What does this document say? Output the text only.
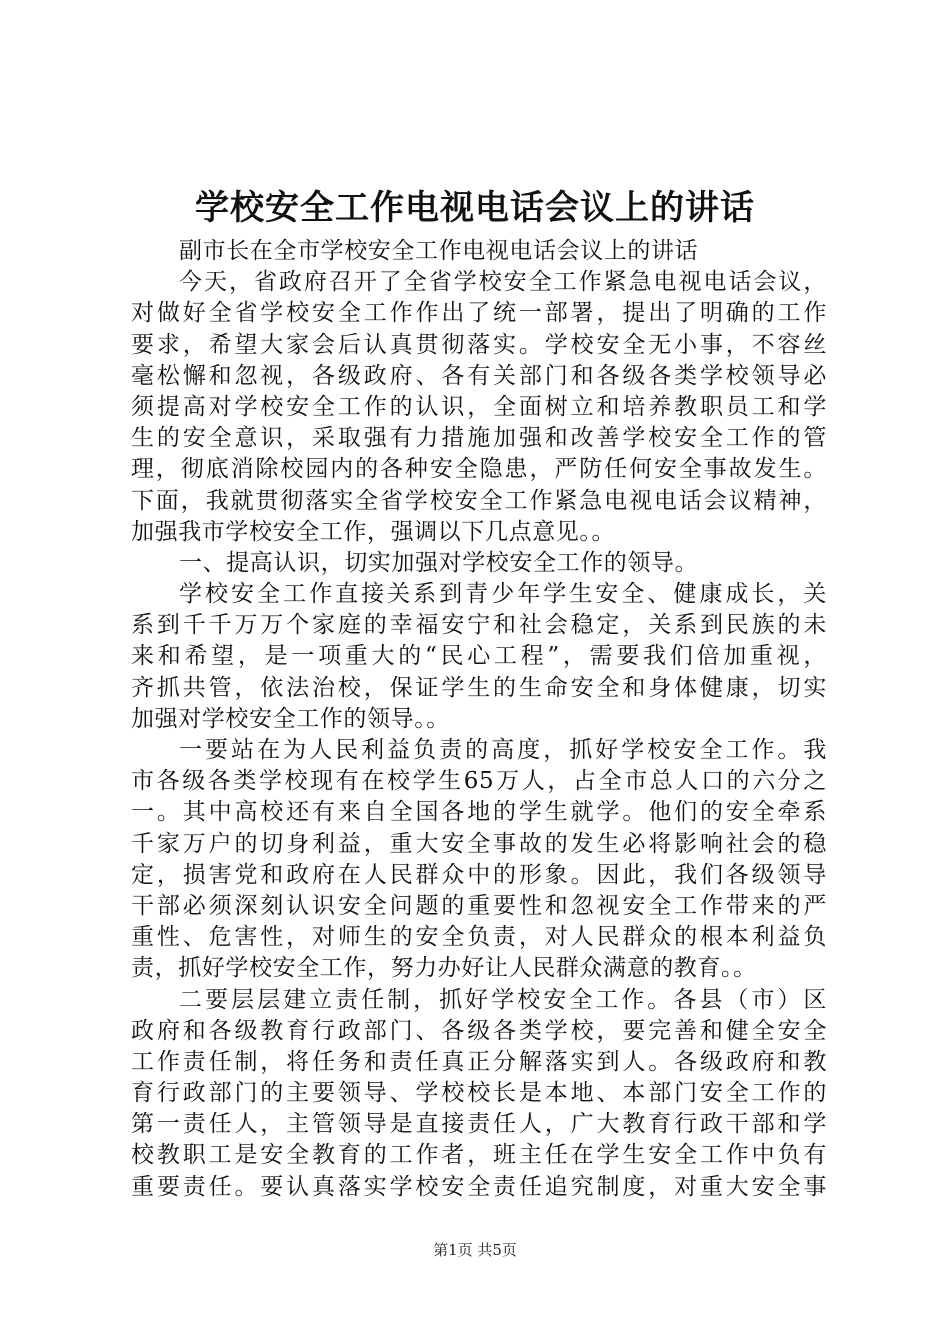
学校安全工作电视电话会议上的讲话
副市长在全市学校安全工作电视电话会议上的讲话
今天，省政府召开了全省学校安全工作紧急电视电话会议，
对做好全省学校安全工作作出了统一部署，提出了明确的工作
要求，希望大家会后认真贯彻落实。学校安全无小事，不容丝
毫松懈和忽视，各级政府、各有关部门和各级各类学校领导必
须提高对学校安全工作的认识，全面树立和培养教职员工和学
生的安全意识，采取强有力措施加强和改善学校安全工作的管
理，彻底消除校园内的各种安全隐患，严防任何安全事故发生。
下面，我就贯彻落实全省学校安全工作紧急电视电话会议精神，
加强我市学校安全工作，强调以下几点意见。。
一、提高认识，切实加强对学校安全工作的领导。
学校安全工作直接关系到青少年学生安全、健康成长，关
系到千千万万个家庭的幸福安宁和社会稳定，关系到民族的未
来和希望，是一项重大的“民心工程”，需要我们倍加重视，
齐抓共管，依法治校，保证学生的生命安全和身体健康，切实
加强对学校安全工作的领导。。
一要站在为人民利益负责的高度，抓好学校安全工作。我
市各级各类学校现有在校学生65万人，占全市总人口的六分之
一。其中高校还有来自全国各地的学生就学。他们的安全牵系
千家万户的切身利益，重大安全事故的发生必将影响社会的稳
定，损害党和政府在人民群众中的形象。因此，我们各级领导
干部必须深刻认识安全问题的重要性和忽视安全工作带来的严
重性、危害性，对师生的安全负责，对人民群众的根本利益负
责，抓好学校安全工作，努力办好让人民群众满意的教育。。
二要层层建立责任制，抓好学校安全工作。各县（市）区
政府和各级教育行政部门、各级各类学校，要完善和健全安全
工作责任制，将任务和责任真正分解落实到人。各级政府和教
育行政部门的主要领导、学校校长是本地、本部门安全工作的
第一责任人，主管领导是直接责任人，广大教育行政干部和学
校教职工是安全教育的工作者，班主任在学生安全工作中负有
重要责任。要认真落实学校安全责任追究制度，对重大安全事
第1页 共5页
